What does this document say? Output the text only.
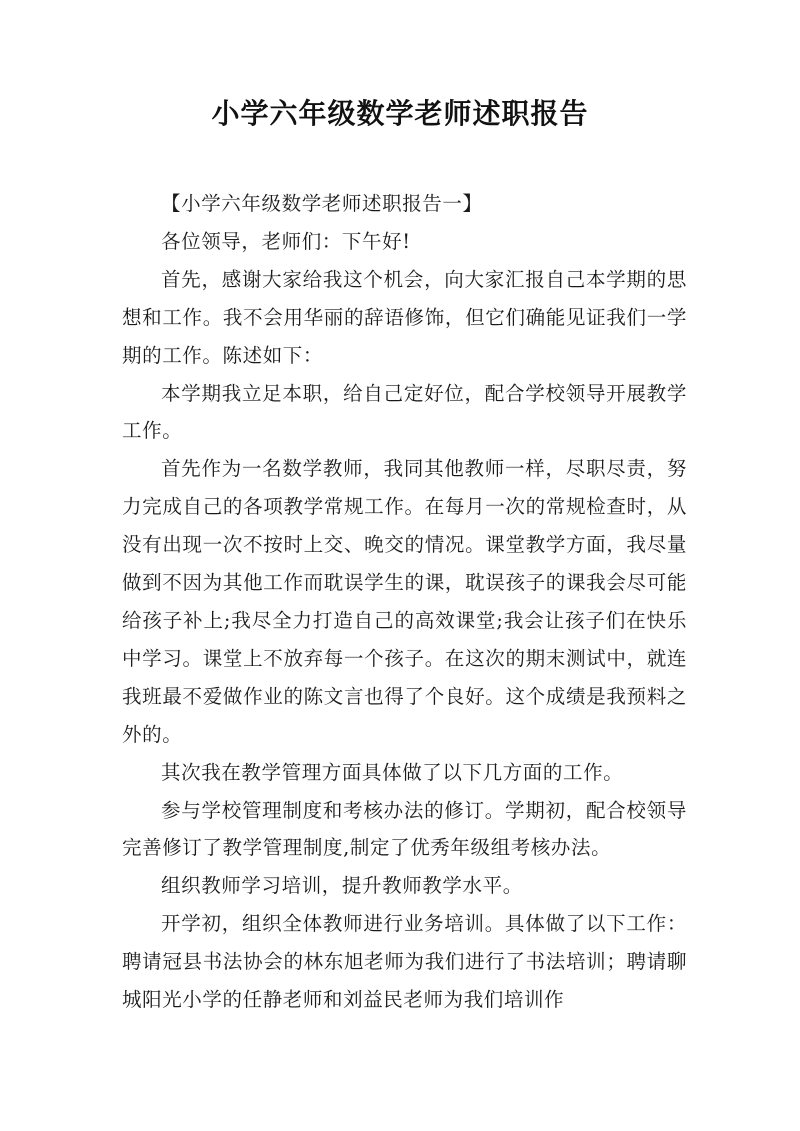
小学六年级数学老师述职报告

【小学六年级数学老师述职报告一】

各位领导，老师们：下午好!

首先，感谢大家给我这个机会，向大家汇报自己本学期的思想和工作。我不会用华丽的辞语修饰，但它们确能见证我们一学期的工作。陈述如下：

本学期我立足本职，给自己定好位，配合学校领导开展教学工作。

首先作为一名数学教师，我同其他教师一样，尽职尽责，努力完成自己的各项教学常规工作。在每月一次的常规检查时，从没有出现一次不按时上交、晚交的情况。课堂教学方面，我尽量做到不因为其他工作而耽误学生的课，耽误孩子的课我会尽可能给孩子补上;我尽全力打造自己的高效课堂;我会让孩子们在快乐中学习。课堂上不放弃每一个孩子。在这次的期末测试中，就连我班最不爱做作业的陈文言也得了个良好。这个成绩是我预料之外的。

其次我在教学管理方面具体做了以下几方面的工作。

参与学校管理制度和考核办法的修订。学期初，配合校领导完善修订了教学管理制度,制定了优秀年级组考核办法。

组织教师学习培训，提升教师教学水平。

开学初，组织全体教师进行业务培训。具体做了以下工作：聘请冠县书法协会的林东旭老师为我们进行了书法培训；聘请聊城阳光小学的任静老师和刘益民老师为我们培训作
